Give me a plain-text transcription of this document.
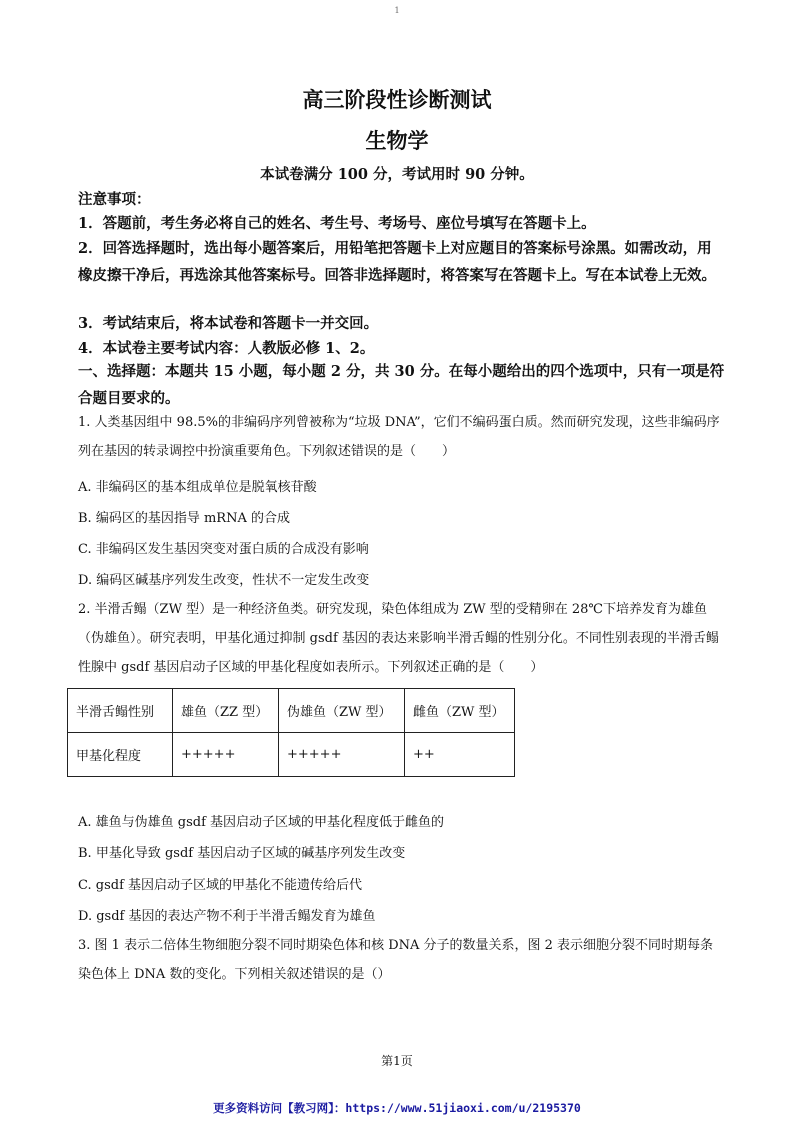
1
高三阶段性诊断测试
生物学
本试卷满分 100 分，考试用时 90 分钟。
注意事项：
1．答题前，考生务必将自己的姓名、考生号、考场号、座位号填写在答题卡上。
2．回答选择题时，选出每小题答案后，用铅笔把答题卡上对应题目的答案标号涂黑。如需改动，用橡皮擦干净后，再选涂其他答案标号。回答非选择题时，将答案写在答题卡上。写在本试卷上无效。
3．考试结束后，将本试卷和答题卡一并交回。
4．本试卷主要考试内容：人教版必修 1、2。
一、选择题：本题共 15 小题，每小题 2 分，共 30 分。在每小题给出的四个选项中，只有一项是符合题目要求的。
1. 人类基因组中 98.5%的非编码序列曾被称为“垃圾 DNA”，它们不编码蛋白质。然而研究发现，这些非编码序列在基因的转录调控中扮演重要角色。下列叙述错误的是（　　）
A. 非编码区的基本组成单位是脱氧核苷酸
B. 编码区的基因指导 mRNA 的合成
C. 非编码区发生基因突变对蛋白质的合成没有影响
D. 编码区碱基序列发生改变，性状不一定发生改变
2. 半滑舌鳎（ZW 型）是一种经济鱼类。研究发现，染色体组成为 ZW 型的受精卵在 28℃下培养发育为雄鱼（伪雄鱼）。研究表明，甲基化通过抑制 gsdf 基因的表达来影响半滑舌鳎的性别分化。不同性别表现的半滑舌鳎性腺中 gsdf 基因启动子区域的甲基化程度如表所示。下列叙述正确的是（　　）
半滑舌鳎性别	雄鱼（ZZ 型）	伪雄鱼（ZW 型）	雌鱼（ZW 型）
甲基化程度	+++++	+++++	++
A. 雄鱼与伪雄鱼 gsdf 基因启动子区域的甲基化程度低于雌鱼的
B. 甲基化导致 gsdf 基因启动子区域的碱基序列发生改变
C. gsdf 基因启动子区域的甲基化不能遗传给后代
D. gsdf 基因的表达产物不利于半滑舌鳎发育为雄鱼
3. 图 1 表示二倍体生物细胞分裂不同时期染色体和核 DNA 分子的数量关系，图 2 表示细胞分裂不同时期每条染色体上 DNA 数的变化。下列相关叙述错误的是（）
第1页
更多资料访问【教习网】：https://www.51jiaoxi.com/u/2195370
